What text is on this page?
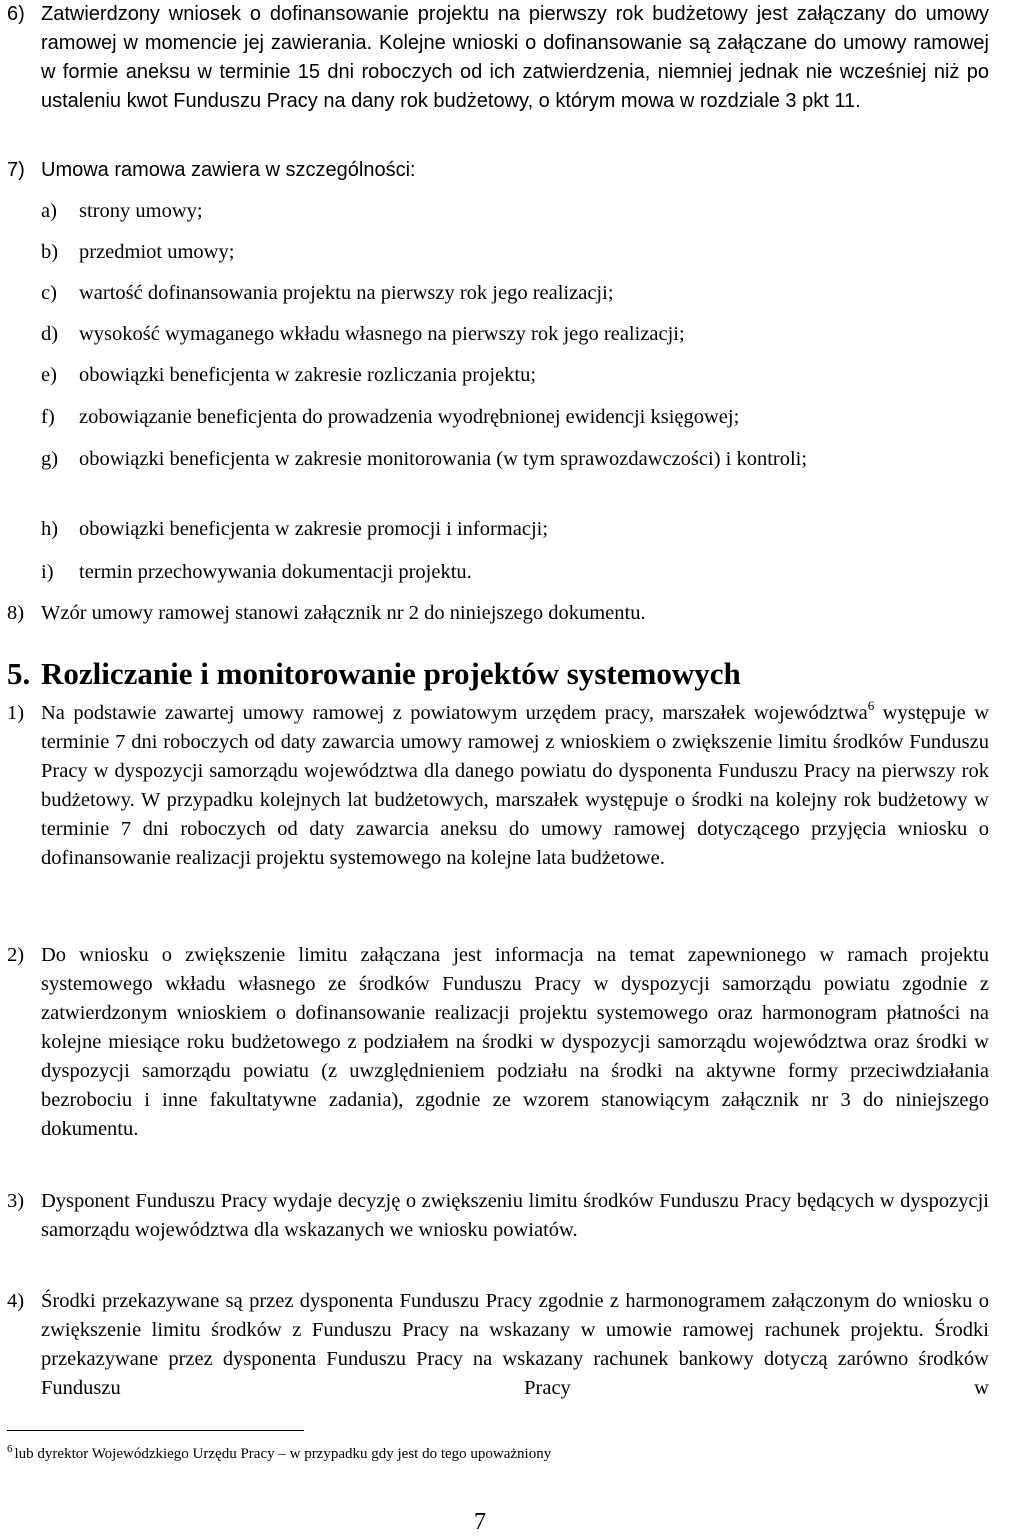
6) Zatwierdzony wniosek o dofinansowanie projektu na pierwszy rok budżetowy jest załączany do umowy ramowej w momencie jej zawierania. Kolejne wnioski o dofinansowanie są załączane do umowy ramowej w formie aneksu w terminie 15 dni roboczych od ich zatwierdzenia, niemniej jednak nie wcześniej niż po ustaleniu kwot Funduszu Pracy na dany rok budżetowy, o którym mowa w rozdziale 3 pkt 11.
7) Umowa ramowa zawiera w szczególności:
a) strony umowy;
b) przedmiot umowy;
c) wartość dofinansowania projektu na pierwszy rok jego realizacji;
d) wysokość wymaganego wkładu własnego na pierwszy rok jego realizacji;
e) obowiązki beneficjenta w zakresie rozliczania projektu;
f) zobowiązanie beneficjenta do prowadzenia wyodrębnionej ewidencji księgowej;
g) obowiązki beneficjenta w zakresie monitorowania (w tym sprawozdawczości) i kontroli;
h) obowiązki beneficjenta w zakresie promocji i informacji;
i) termin przechowywania dokumentacji projektu.
8) Wzór umowy ramowej stanowi załącznik nr 2 do niniejszego dokumentu.
5. Rozliczanie i monitorowanie projektów systemowych
1) Na podstawie zawartej umowy ramowej z powiatowym urzędem pracy, marszałek województwa$^6$ występuje w terminie 7 dni roboczych od daty zawarcia umowy ramowej z wnioskiem o zwiększenie limitu środków Funduszu Pracy w dyspozycji samorządu województwa dla danego powiatu do dysponenta Funduszu Pracy na pierwszy rok budżetowy. W przypadku kolejnych lat budżetowych, marszałek występuje o środki na kolejny rok budżetowy w terminie 7 dni roboczych od daty zawarcia aneksu do umowy ramowej dotyczącego przyjęcia wniosku o dofinansowanie realizacji projektu systemowego na kolejne lata budżetowe.
2) Do wniosku o zwiększenie limitu załączana jest informacja na temat zapewnionego w ramach projektu systemowego wkładu własnego ze środków Funduszu Pracy w dyspozycji samorządu powiatu zgodnie z zatwierdzonym wnioskiem o dofinansowanie realizacji projektu systemowego oraz harmonogram płatności na kolejne miesiące roku budżetowego z podziałem na środki w dyspozycji samorządu województwa oraz środki w dyspozycji samorządu powiatu (z uwzględnieniem podziału na środki na aktywne formy przeciwdziałania bezrobociu i inne fakultatywne zadania), zgodnie ze wzorem stanowiącym załącznik nr 3 do niniejszego dokumentu.
3) Dysponent Funduszu Pracy wydaje decyzję o zwiększeniu limitu środków Funduszu Pracy będących w dyspozycji samorządu województwa dla wskazanych we wniosku powiatów.
4) Środki przekazywane są przez dysponenta Funduszu Pracy zgodnie z harmonogramem załączonym do wniosku o zwiększenie limitu środków z Funduszu Pracy na wskazany w umowie ramowej rachunek projektu. Środki przekazywane przez dysponenta Funduszu Pracy na wskazany rachunek bankowy dotyczą zarówno środków Funduszu Pracy w
$^6$ lub dyrektor Wojewódzkiego Urzędu Pracy – w przypadku gdy jest do tego upoważniony
7
